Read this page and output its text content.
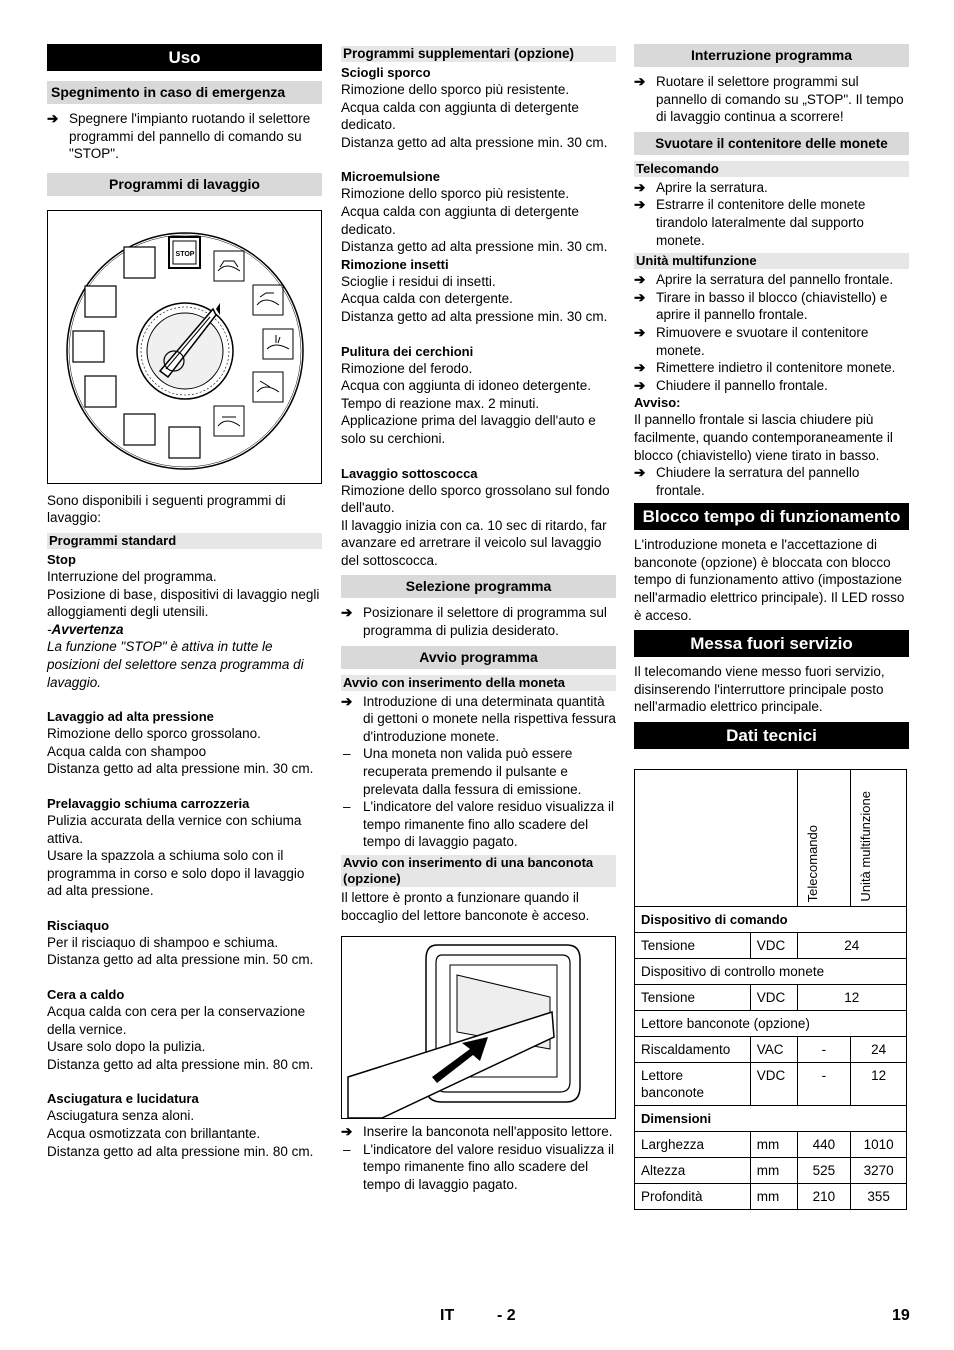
Uso
Spegnimento in caso di emergenza
➔ Spegnere l'impianto ruotando il selettore programmi del pannello di comando su "STOP".
Programmi di lavaggio
STOP

Sono disponibili i seguenti programmi di lavaggio:

Programmi standard
Stop

Interruzione del programma.
Posizione di base, dispositivi di lavaggio negli alloggiamenti degli utensili.

-Avvertenza

La funzione "STOP" è attiva in tutte le posizioni del selettore senza programma di lavaggio.

Lavaggio ad alta pressione

Rimozione dello sporco grossolano.
Acqua calda con shampoo
Distanza getto ad alta pressione min. 30 cm.

Prelavaggio schiuma carrozzeria

Pulizia accurata della vernice con schiuma attiva.
Usare la spazzola a schiuma solo con il programma in corso e solo dopo il lavaggio ad alta pressione.

Risciaquo

Per il risciaquo di shampoo e schiuma.
Distanza getto ad alta pressione min. 50 cm.

Cera a caldo

Acqua calda con cera per la conservazione della vernice.
Usare solo dopo la pulizia.
Distanza getto ad alta pressione min. 80 cm.

Asciugatura e lucidatura

Asciugatura senza aloni.
Acqua osmotizzata con brillantante.
Distanza getto ad alta pressione min. 80 cm.

Programmi supplementari (opzione)
Sciogli sporco

Rimozione dello sporco più resistente.
Acqua calda con aggiunta di detergente dedicato.
Distanza getto ad alta pressione min. 30 cm.

Microemulsione

Rimozione dello sporco più resistente.
Acqua calda con aggiunta di detergente dedicato.
Distanza getto ad alta pressione min. 30 cm.

Rimozione insetti

Scioglie i residui di insetti.
Acqua calda con detergente.
Distanza getto ad alta pressione min. 30 cm.

Pulitura dei cerchioni

Rimozione del ferodo.
Acqua con aggiunta di idoneo detergente.
Tempo di reazione max. 2 minuti.
Applicazione prima del lavaggio dell'auto e solo su cerchioni.

Lavaggio sottoscocca

Rimozione dello sporco grossolano sul fondo dell'auto.
Il lavaggio inizia con ca. 10 sec di ritardo, far avanzare ed arretrare il veicolo sul lavaggio del sottoscocca.

Selezione programma
➔ Posizionare il selettore di programma sul programma di pulizia desiderato.
Avvio programma
Avvio con inserimento della moneta
➔ Introduzione di una determinata quantità di gettoni o monete nella rispettiva fessura d'introduzione monete.
– Una moneta non valida può essere recuperata premendo il pulsante e prelevata dalla fessura di emissione.
– L'indicatore del valore residuo visualizza il tempo rimanente fino allo scadere del tempo di lavaggio pagato.
Avvio con inserimento di una banconota (opzione)

Il lettore è pronto a funzionare quando il boccaglio del lettore banconote è acceso.

➔ Inserire la banconota nell'apposito lettore.
– L'indicatore del valore residuo visualizza il tempo rimanente fino allo scadere del tempo di lavaggio pagato.
Interruzione programma
➔ Ruotare il selettore programmi sul pannello di comando su „STOP". Il tempo di lavaggio continua a scorrere!
Svuotare il contenitore delle monete
Telecomando
➔ Aprire la serratura.
➔ Estrarre il contenitore delle monete tirandolo lateralmente dal supporto monete.
Unità multifunzione
➔ Aprire la serratura del pannello frontale.
➔ Tirare in basso il blocco (chiavistello) e aprire il pannello frontale.
➔ Rimuovere e svuotare il contenitore monete.
➔ Rimettere indietro il contenitore monete.
➔ Chiudere il pannello frontale.
Avviso:

Il pannello frontale si lascia chiudere più facilmente, quando contemporaneamente il blocco (chiavistello) viene tirato in basso.

➔ Chiudere la serratura del pannello frontale.
Blocco tempo di funzionamento

L'introduzione moneta e l'accettazione di banconote (opzione) è bloccata con blocco tempo di funzionamento attivo (impostazione nell'armadio elettrico principale). Il LED rosso è acceso.

Messa fuori servizio

Il telecomando viene messo fuori servizio, disinserendo l'interruttore principale posto nell'armadio elettrico principale.

Dati tecnici

		Telecomando	Unità multifunzione

Dispositivo di comando			
Tensione	VDC	24	
Dispositivo di controllo monete			
Tensione	VDC	12	
Lettore banconote (opzione)			
Riscaldamento	VAC	-	24
Lettore banconote	VDC	-	12
Dimensioni			
Larghezza	mm	440	1010
Altezza	mm	525	3270
Profondità	mm	210	355
IT	- 2	19
